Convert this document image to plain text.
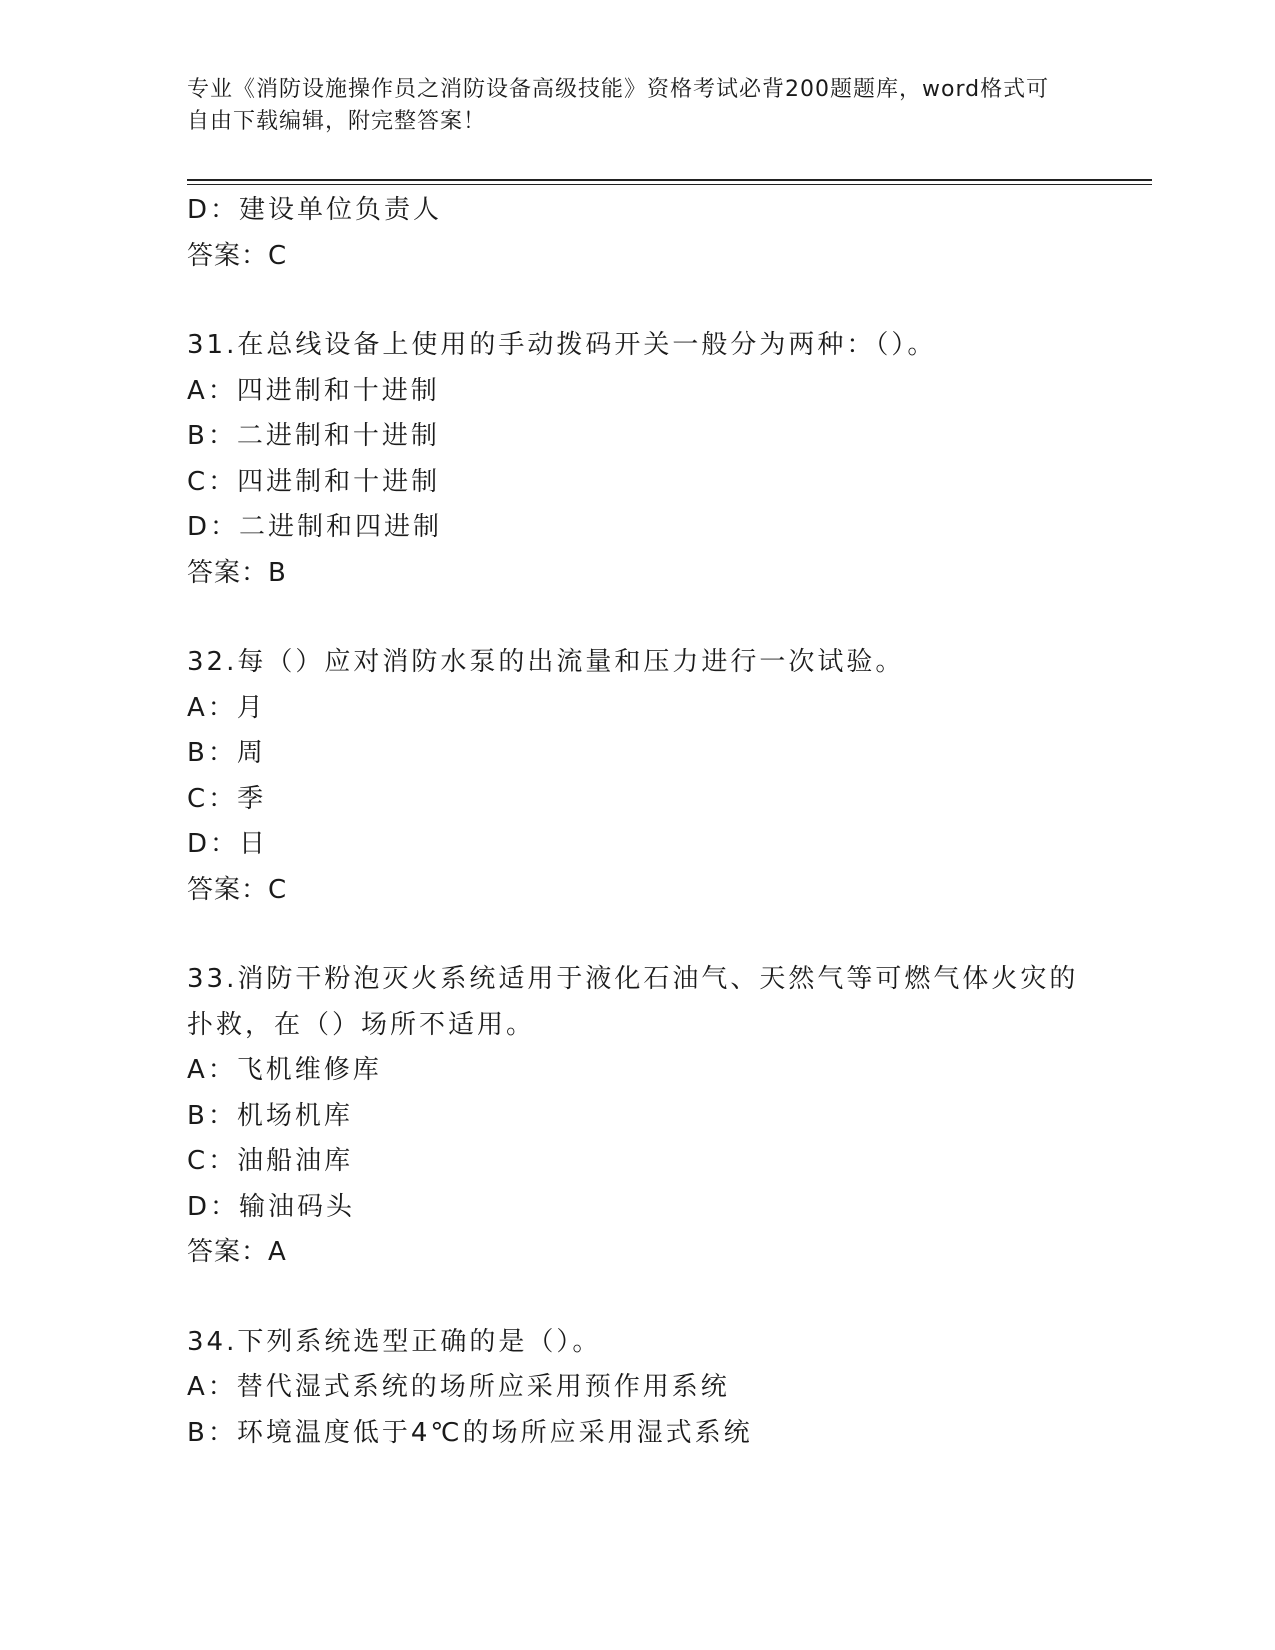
专业《消防设施操作员之消防设备高级技能》资格考试必背200题题库，word格式可自由下载编辑，附完整答案！
D：建设单位负责人
答案：C
31.在总线设备上使用的手动拨码开关一般分为两种：（）。
A：四进制和十进制
B：二进制和十进制
C：四进制和十进制
D：二进制和四进制
答案：B
32.每（）应对消防水泵的出流量和压力进行一次试验。
A：月
B：周
C：季
D：日
答案：C
33.消防干粉泡灭火系统适用于液化石油气、天然气等可燃气体火灾的扑救，在（）场所不适用。
A：飞机维修库
B：机场机库
C：油船油库
D：输油码头
答案：A
34.下列系统选型正确的是（）。
A：替代湿式系统的场所应采用预作用系统
B：环境温度低于4℃的场所应采用湿式系统
